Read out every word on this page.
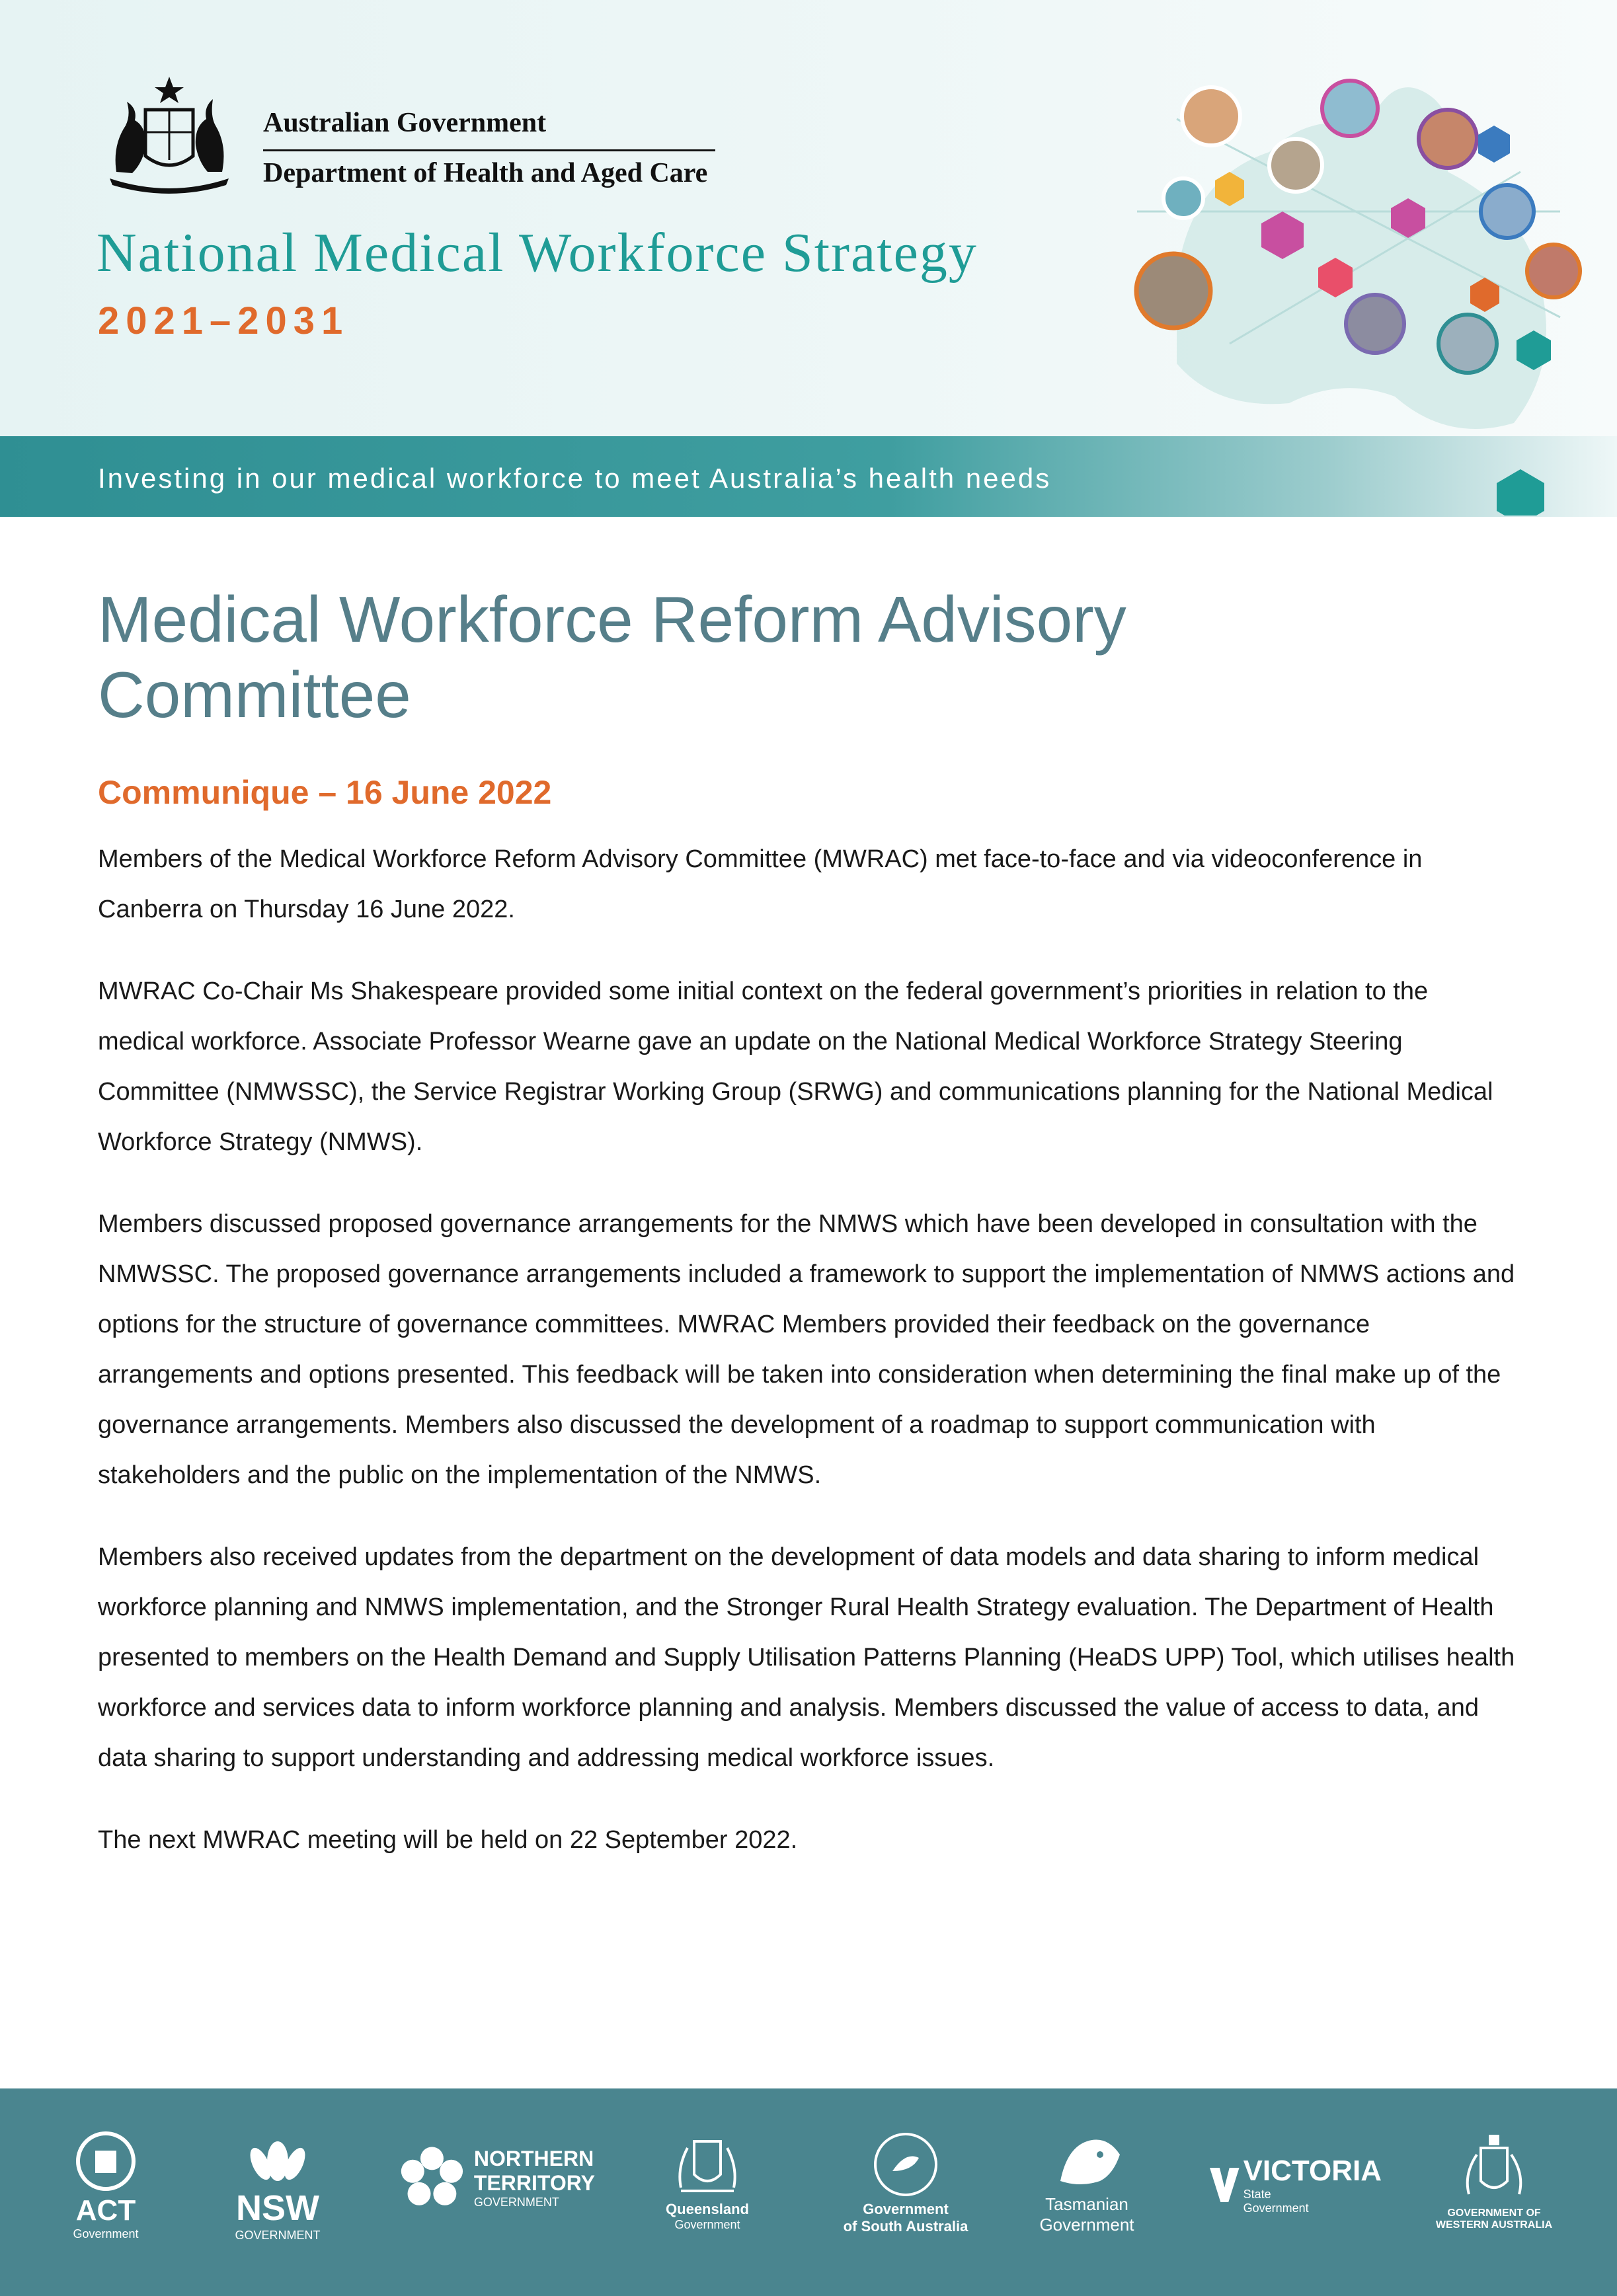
Australian Government
Department of Health and Aged Care
National Medical Workforce Strategy
2021–2031
Investing in our medical workforce to meet Australia’s health needs
Medical Workforce Reform Advisory Committee
Communique – 16 June 2022

Members of the Medical Workforce Reform Advisory Committee (MWRAC) met face-to-face and via videoconference in Canberra on Thursday 16 June 2022.

MWRAC Co-Chair Ms Shakespeare provided some initial context on the federal government’s priorities in relation to the medical workforce. Associate Professor Wearne gave an update on the National Medical Workforce Strategy Steering Committee (NMWSSC), the Service Registrar Working Group (SRWG) and communications planning for the National Medical Workforce Strategy (NMWS).

Members discussed proposed governance arrangements for the NMWS which have been developed in consultation with the NMWSSC. The proposed governance arrangements included a framework to support the implementation of NMWS actions and options for the structure of governance committees. MWRAC Members provided their feedback on the governance arrangements and options presented. This feedback will be taken into consideration when determining the final make up of the governance arrangements. Members also discussed the development of a roadmap to support communication with stakeholders and the public on the implementation of the NMWS.

Members also received updates from the department on the development of data models and data sharing to inform medical workforce planning and NMWS implementation, and the Stronger Rural Health Strategy evaluation. The Department of Health presented to members on the Health Demand and Supply Utilisation Patterns Planning (HeaDS UPP) Tool, which utilises health workforce and services data to inform workforce planning and analysis. Members discussed the value of access to data, and data sharing to support understanding and addressing medical workforce issues.

The next MWRAC meeting will be held on 22 September 2022.

ACT
Government
NSW
GOVERNMENT
NORTHERN
TERRITORY
GOVERNMENT	Queensland
Government
Government
of South Australia
Tasmanian
Government
VICTORIA
State
Government	GOVERNMENT OF
WESTERN AUSTRALIA
